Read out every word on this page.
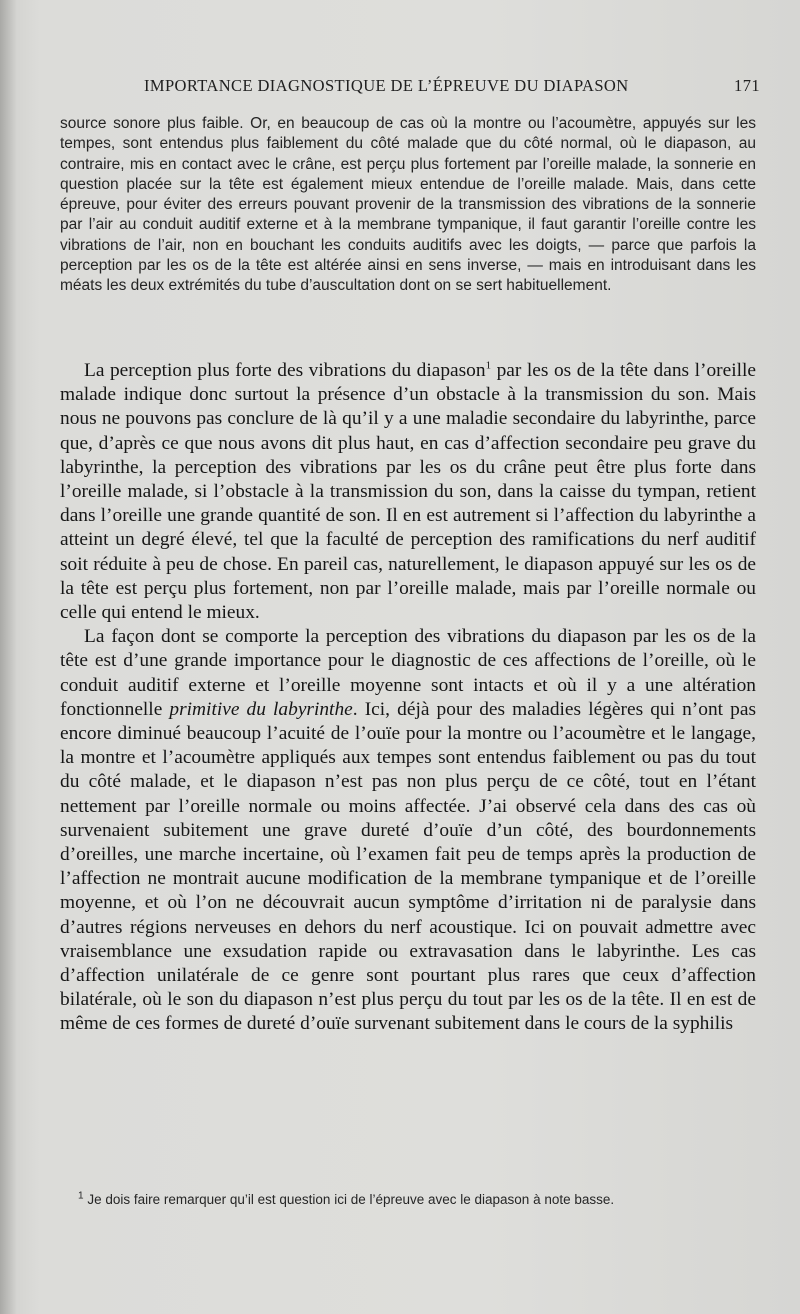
IMPORTANCE DIAGNOSTIQUE DE L’ÉPREUVE DU DIAPASON	171

source sonore plus faible. Or, en beaucoup de cas où la montre ou l’acoumètre, appuyés sur les tempes, sont entendus plus faiblement du côté malade que du côté normal, où le diapason, au contraire, mis en contact avec le crâne, est perçu plus fortement par l’oreille malade, la sonnerie en question placée sur la tête est également mieux entendue de l’oreille malade. Mais, dans cette épreuve, pour éviter des erreurs pouvant provenir de la transmission des vibrations de la sonnerie par l’air au conduit auditif externe et à la membrane tympanique, il faut garantir l’oreille contre les vibrations de l’air, non en bouchant les conduits auditifs avec les doigts, — parce que parfois la perception par les os de la tête est altérée ainsi en sens inverse, — mais en introduisant dans les méats les deux extrémités du tube d’auscultation dont on se sert habituellement.

La perception plus forte des vibrations du diapason$^1$ par les os de la tête dans l’oreille malade indique donc surtout la présence d’un obstacle à la transmission du son. Mais nous ne pouvons pas conclure de là qu’il y a une maladie secondaire du labyrinthe, parce que, d’après ce que nous avons dit plus haut, en cas d’affection secondaire peu grave du labyrinthe, la perception des vibrations par les os du crâne peut être plus forte dans l’oreille malade, si l’obstacle à la transmission du son, dans la caisse du tympan, retient dans l’oreille une grande quantité de son. Il en est autrement si l’affection du labyrinthe a atteint un degré élevé, tel que la faculté de perception des ramifications du nerf auditif soit réduite à peu de chose. En pareil cas, naturellement, le diapason appuyé sur les os de la tête est perçu plus fortement, non par l’oreille malade, mais par l’oreille normale ou celle qui entend le mieux.

La façon dont se comporte la perception des vibrations du diapason par les os de la tête est d’une grande importance pour le diagnostic de ces affections de l’oreille, où le conduit auditif externe et l’oreille moyenne sont intacts et où il y a une altération fonctionnelle primitive du labyrinthe. Ici, déjà pour des maladies légères qui n’ont pas encore diminué beaucoup l’acuité de l’ouïe pour la montre ou l’acoumètre et le langage, la montre et l’acoumètre appliqués aux tempes sont entendus faiblement ou pas du tout du côté malade, et le diapason n’est pas non plus perçu de ce côté, tout en l’étant nettement par l’oreille normale ou moins affectée. J’ai observé cela dans des cas où survenaient subitement une grave dureté d’ouïe d’un côté, des bourdonnements d’oreilles, une marche incertaine, où l’examen fait peu de temps après la production de l’affection ne montrait aucune modification de la membrane tympanique et de l’oreille moyenne, et où l’on ne découvrait aucun symptôme d’irritation ni de paralysie dans d’autres régions nerveuses en dehors du nerf acoustique. Ici on pouvait admettre avec vraisemblance une exsudation rapide ou extravasation dans le labyrinthe. Les cas d’affection unilatérale de ce genre sont pourtant plus rares que ceux d’affection bilatérale, où le son du diapason n’est plus perçu du tout par les os de la tête. Il en est de même de ces formes de dureté d’ouïe survenant subitement dans le cours de la syphilis

$^1$ Je dois faire remarquer qu’il est question ici de l’épreuve avec le diapason à note basse.
